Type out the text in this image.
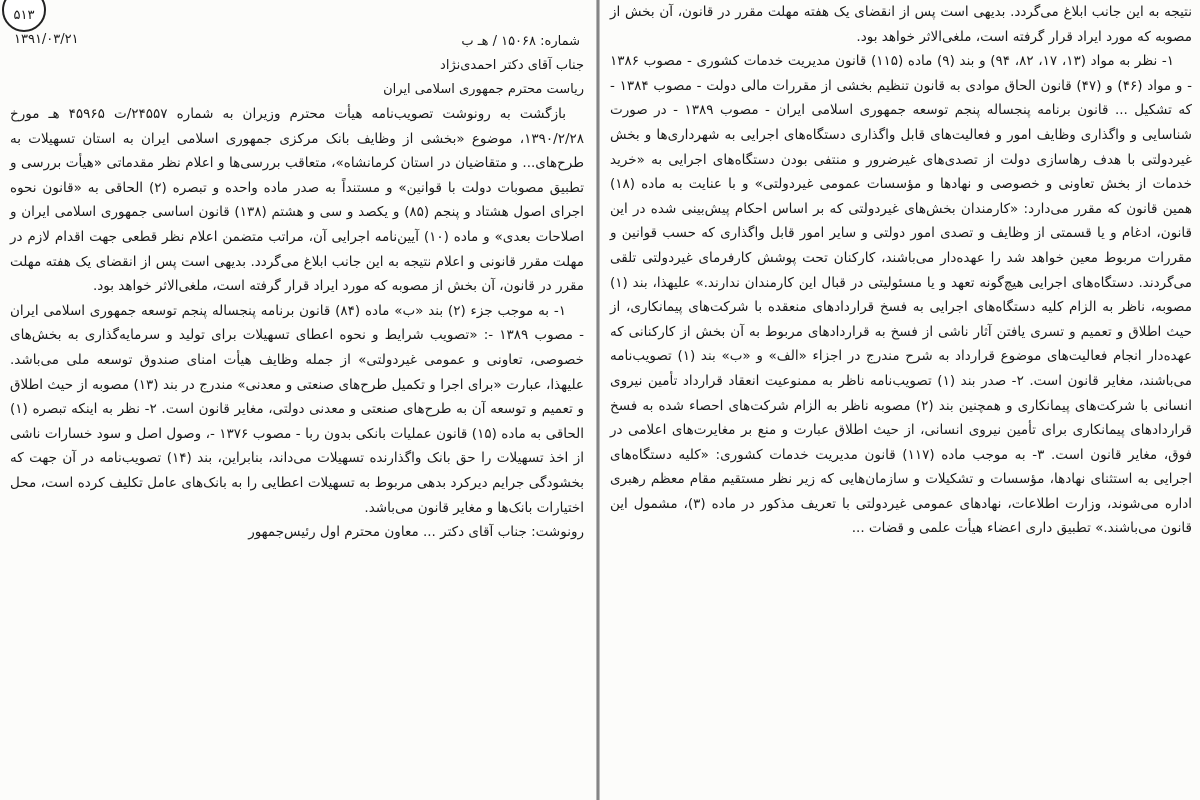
۵۱۳
۱۳۹۱/۰۳/۲۱	شماره: ۱۵۰۶۸ / هـ ب
جناب آقای دکتر احمدی‌نژاد
ریاست محترم جمهوری اسلامی ایران

بازگشت به رونوشت تصویب‌نامه هیأت محترم وزیران به شماره ۲۴۵۵۷/ت ۴۵۹۶۵ هـ مورخ ۱۳۹۰/۲/۲۸، موضوع «بخشی از وظایف بانک مرکزی جمهوری اسلامی ایران به استان تسهیلات به طرح‌های... و متقاضیان در استان کرمانشاه»، متعاقب بررسی‌ها و اعلام نظر مقدماتی «هیأت بررسی و تطبیق مصوبات دولت با قوانین» و مستنداً به صدر ماده واحده و تبصره (۲) الحاقی به «قانون نحوه اجرای اصول هشتاد و پنجم (۸۵) و یکصد و سی و هشتم (۱۳۸) قانون اساسی جمهوری اسلامی ایران و اصلاحات بعدی» و ماده (۱۰) آیین‌نامه اجرایی آن، مراتب متضمن اعلام نظر قطعی جهت اقدام لازم در مهلت مقرر قانونی و اعلام نتیجه به این جانب ابلاغ می‌گردد. بدیهی است پس از انقضای یک هفته مهلت مقرر در قانون، آن بخش از مصوبه که مورد ایراد قرار گرفته است، ملغی‌الاثر خواهد بود.

۱- به موجب جزء (۲) بند «ب» ماده (۸۴) قانون برنامه پنجساله پنجم توسعه جمهوری اسلامی ایران - مصوب ۱۳۸۹ -: «تصویب شرایط و نحوه اعطای تسهیلات برای تولید و سرمایه‌گذاری به بخش‌های خصوصی، تعاونی و عمومی غیردولتی» از جمله وظایف هیأت امنای صندوق توسعه ملی می‌باشد. علیهذا، عبارت «برای اجرا و تکمیل طرح‌های صنعتی و معدنی» مندرج در بند (۱۳) مصوبه از حیث اطلاق و تعمیم و توسعه آن به طرح‌های صنعتی و معدنی دولتی، مغایر قانون است. ۲- نظر به اینکه تبصره (۱) الحاقی به ماده (۱۵) قانون عملیات بانکی بدون ربا - مصوب ۱۳۷۶ -، وصول اصل و سود خسارات ناشی از اخذ تسهیلات را حق بانک واگذارنده تسهیلات می‌داند، بنابراین، بند (۱۴) تصویب‌نامه در آن جهت که بخشودگی جرایم دیرکرد بدهی مربوط به تسهیلات اعطایی را به بانک‌های عامل تکلیف کرده است، محل اختیارات بانک‌ها و مغایر قانون می‌باشد.

رونوشت: جناب آقای دکتر ... معاون محترم اول رئیس‌جمهور

نتیجه به این جانب ابلاغ می‌گردد. بدیهی است پس از انقضای یک هفته مهلت مقرر در قانون، آن بخش از مصوبه که مورد ایراد قرار گرفته است، ملغی‌الاثر خواهد بود.

۱- نظر به مواد (۱۳، ۱۷، ۸۲، ۹۴) و بند (۹) ماده (۱۱۵) قانون مدیریت خدمات کشوری - مصوب ۱۳۸۶ - و مواد (۴۶) و (۴۷) قانون الحاق موادی به قانون تنظیم بخشی از مقررات مالی دولت - مصوب ۱۳۸۴ - که تشکیل ... قانون برنامه پنجساله پنجم توسعه جمهوری اسلامی ایران - مصوب ۱۳۸۹ - در صورت شناسایی و واگذاری وظایف امور و فعالیت‌های قابل واگذاری دستگاه‌های اجرایی به شهرداری‌ها و بخش غیردولتی با هدف رهاسازی دولت از تصدی‌های غیرضرور و منتفی بودن دستگاه‌های اجرایی به «خرید خدمات از بخش تعاونی و خصوصی و نهادها و مؤسسات عمومی غیردولتی» و با عنایت به ماده (۱۸) همین قانون که مقرر می‌دارد: «کارمندان بخش‌های غیردولتی که بر اساس احکام پیش‌بینی شده در این قانون، ادغام و یا قسمتی از وظایف و تصدی امور دولتی و سایر امور قابل واگذاری که حسب قوانین و مقررات مربوط معین خواهد شد را عهده‌دار می‌باشند، کارکنان تحت پوشش کارفرمای غیردولتی تلقی می‌گردند. دستگاه‌های اجرایی هیچ‌گونه تعهد و یا مسئولیتی در قبال این کارمندان ندارند.» علیهذا، بند (۱) مصوبه، ناظر به الزام کلیه دستگاه‌های اجرایی به فسخ قراردادهای منعقده با شرکت‌های پیمانکاری، از حیث اطلاق و تعمیم و تسری یافتن آثار ناشی از فسخ به قراردادهای مربوط به آن بخش از کارکنانی که عهده‌دار انجام فعالیت‌های موضوع قرارداد به شرح مندرج در اجزاء «الف» و «ب» بند (۱) تصویب‌نامه می‌باشند، مغایر قانون است. ۲- صدر بند (۱) تصویب‌نامه ناظر به ممنوعیت انعقاد قرارداد تأمین نیروی انسانی با شرکت‌های پیمانکاری و همچنین بند (۲) مصوبه ناظر به الزام شرکت‌های احصاء شده به فسخ قراردادهای پیمانکاری برای تأمین نیروی انسانی، از حیث اطلاق عبارت و منع بر مغایرت‌های اعلامی در فوق، مغایر قانون است. ۳- به موجب ماده (۱۱۷) قانون مدیریت خدمات کشوری: «کلیه دستگاه‌های اجرایی به استثنای نهادها، مؤسسات و تشکیلات و سازمان‌هایی که زیر نظر مستقیم مقام معظم رهبری اداره می‌شوند، وزارت اطلاعات، نهادهای عمومی غیردولتی با تعریف مذکور در ماده (۳)، مشمول این قانون می‌باشند.» تطبیق داری اعضاء هیأت علمی و قضات ...
